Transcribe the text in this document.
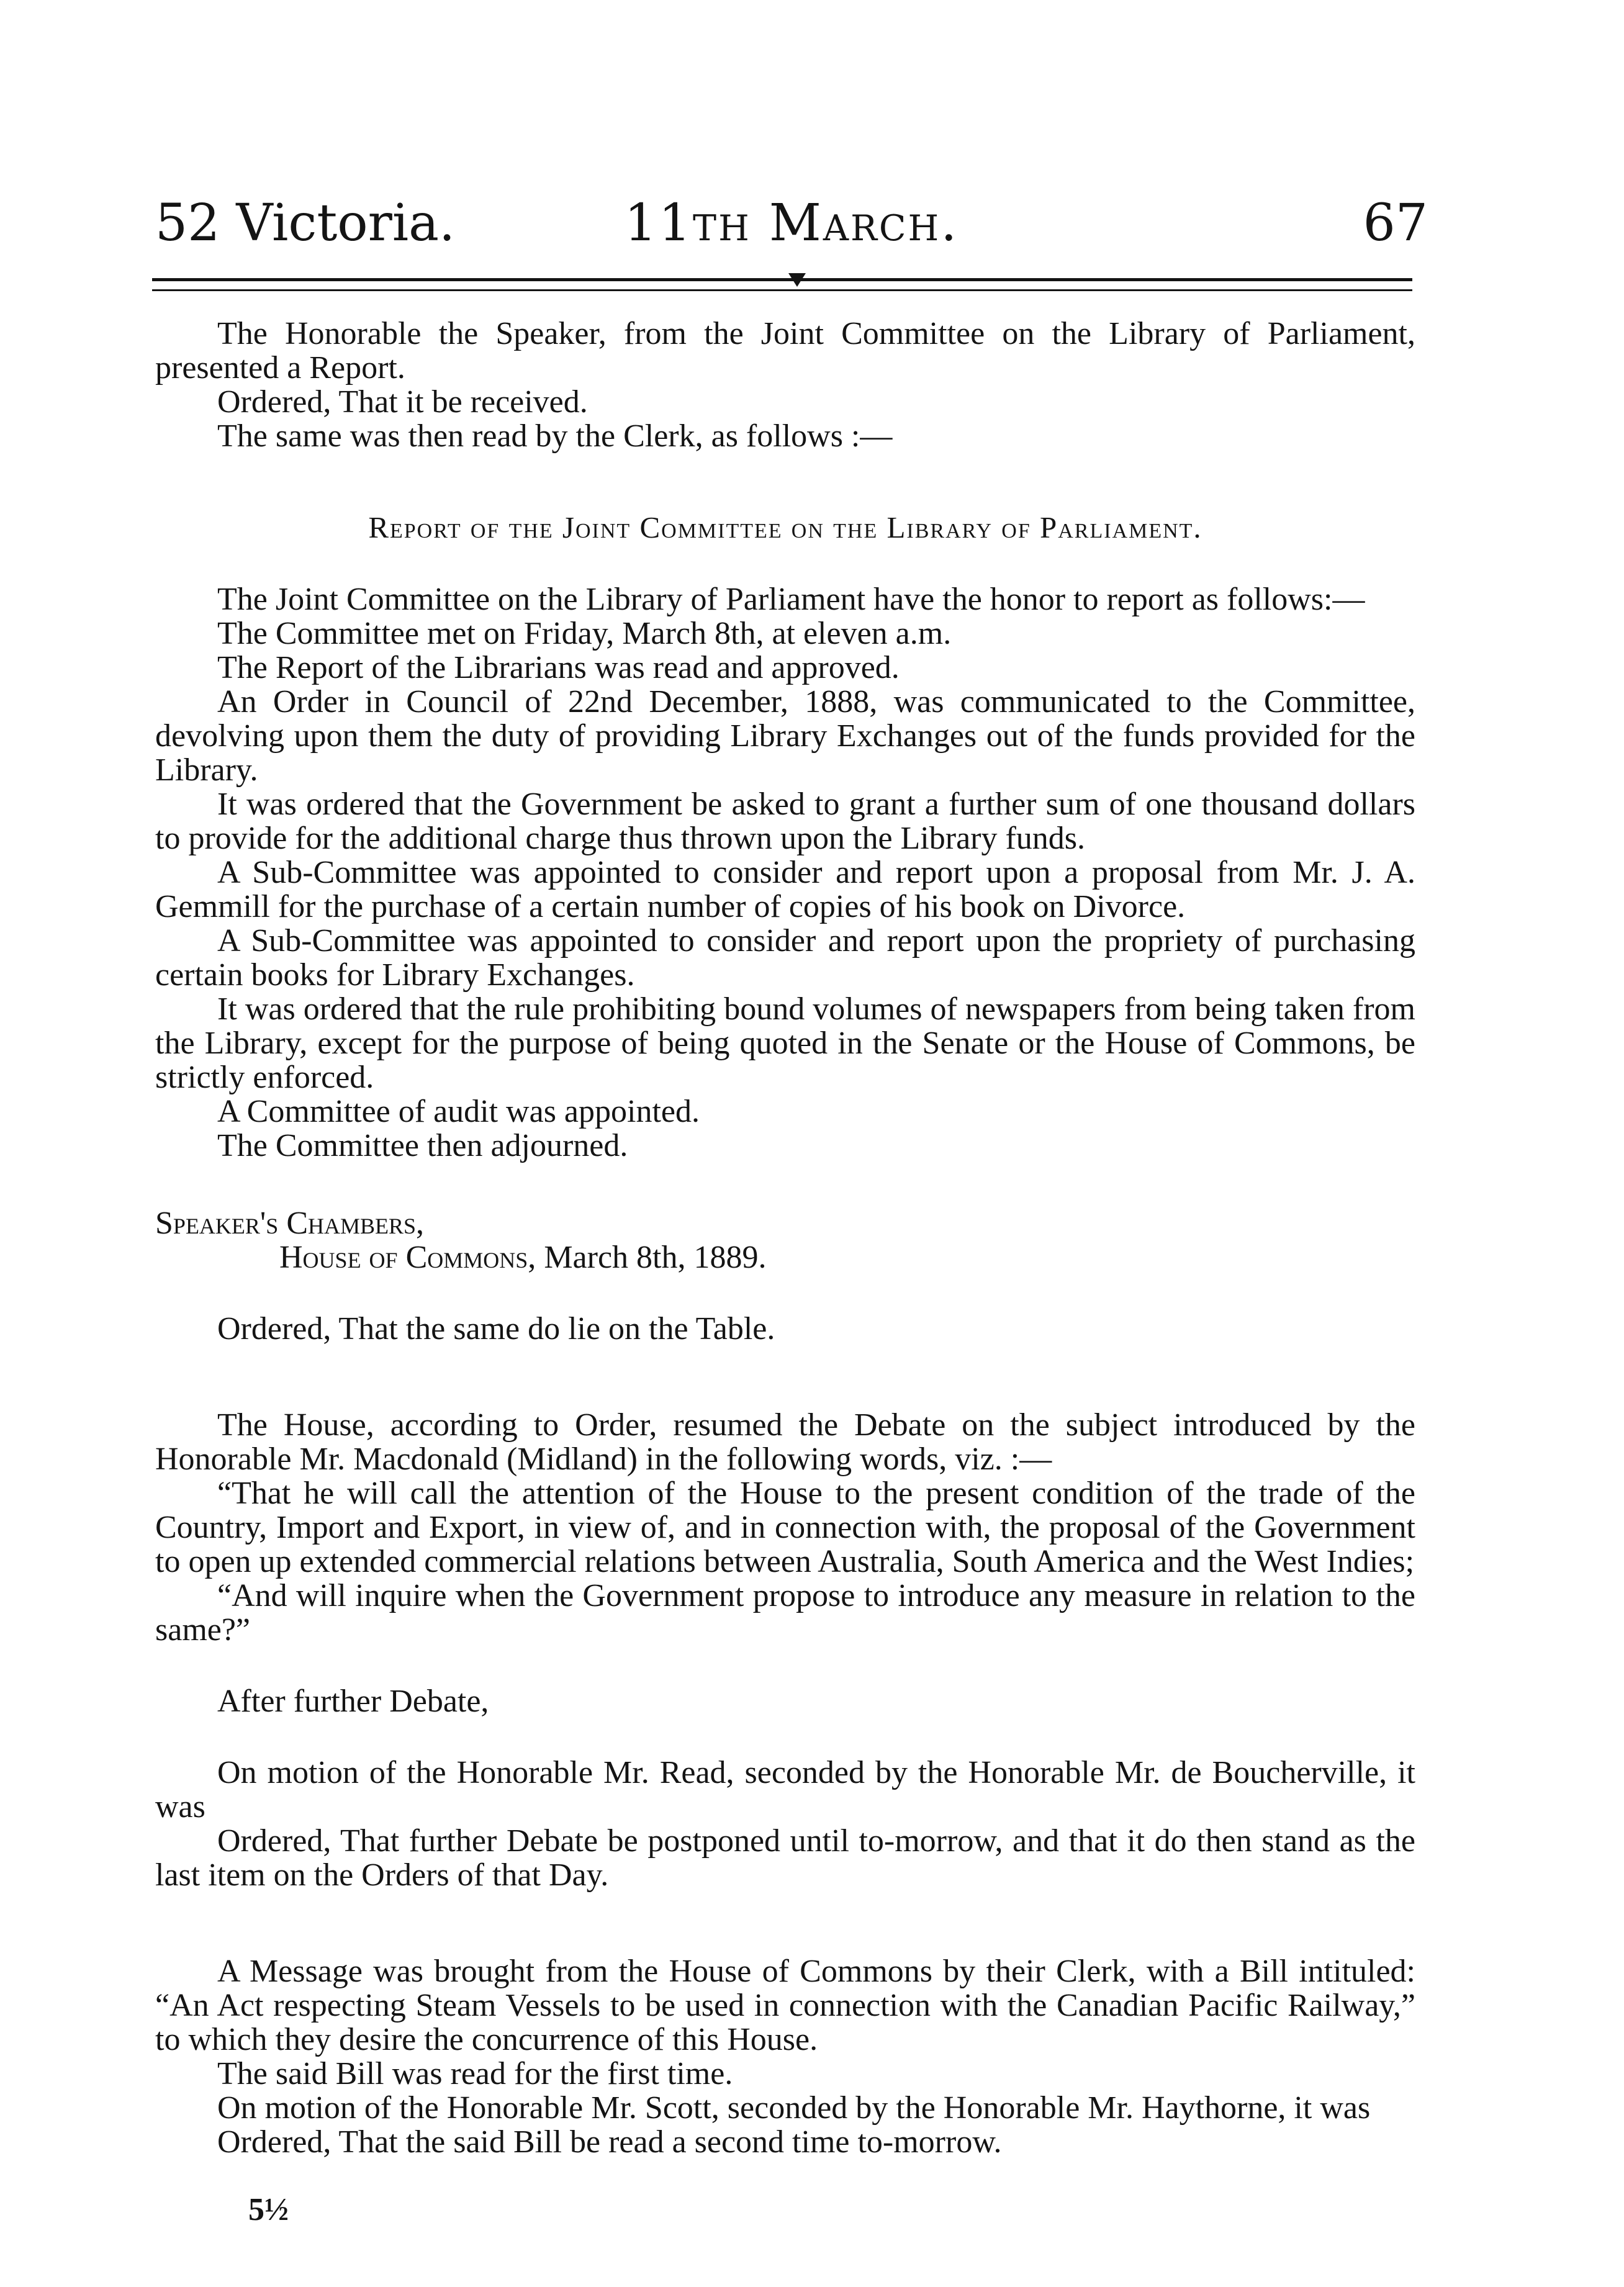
52 Victoria.	11th March.	67

The Honorable the Speaker, from the Joint Committee on the Library of Parliament, presented a Report.

Ordered, That it be received.

The same was then read by the Clerk, as follows :—

Report of the Joint Committee on the Library of Parliament.

The Joint Committee on the Library of Parliament have the honor to report as follows:—

The Committee met on Friday, March 8th, at eleven a.m.

The Report of the Librarians was read and approved.

An Order in Council of 22nd December, 1888, was communicated to the Committee, devolving upon them the duty of providing Library Exchanges out of the funds provided for the Library.

It was ordered that the Government be asked to grant a further sum of one thousand dollars to provide for the additional charge thus thrown upon the Library funds.

A Sub-Committee was appointed to consider and report upon a proposal from Mr. J. A. Gemmill for the purchase of a certain number of copies of his book on Divorce.

A Sub-Committee was appointed to consider and report upon the propriety of purchasing certain books for Library Exchanges.

It was ordered that the rule prohibiting bound volumes of newspapers from being taken from the Library, except for the purpose of being quoted in the Senate or the House of Commons, be strictly enforced.

A Committee of audit was appointed.

The Committee then adjourned.

Speaker's Chambers,

House of Commons, March 8th, 1889.

Ordered, That the same do lie on the Table.

The House, according to Order, resumed the Debate on the subject introduced by the Honorable Mr. Macdonald (Midland) in the following words, viz. :—

“That he will call the attention of the House to the present condition of the trade of the Country, Import and Export, in view of, and in connection with, the proposal of the Government to open up extended commercial relations between Australia, South America and the West Indies;

“And will inquire when the Government propose to introduce any measure in relation to the same?”

After further Debate,

On motion of the Honorable Mr. Read, seconded by the Honorable Mr. de Boucherville, it was

Ordered, That further Debate be postponed until to-morrow, and that it do then stand as the last item on the Orders of that Day.

A Message was brought from the House of Commons by their Clerk, with a Bill intituled: “An Act respecting Steam Vessels to be used in connection with the Canadian Pacific Railway,” to which they desire the concurrence of this House.

The said Bill was read for the first time.

On motion of the Honorable Mr. Scott, seconded by the Honorable Mr. Haythorne, it was

Ordered, That the said Bill be read a second time to-morrow.

5½
